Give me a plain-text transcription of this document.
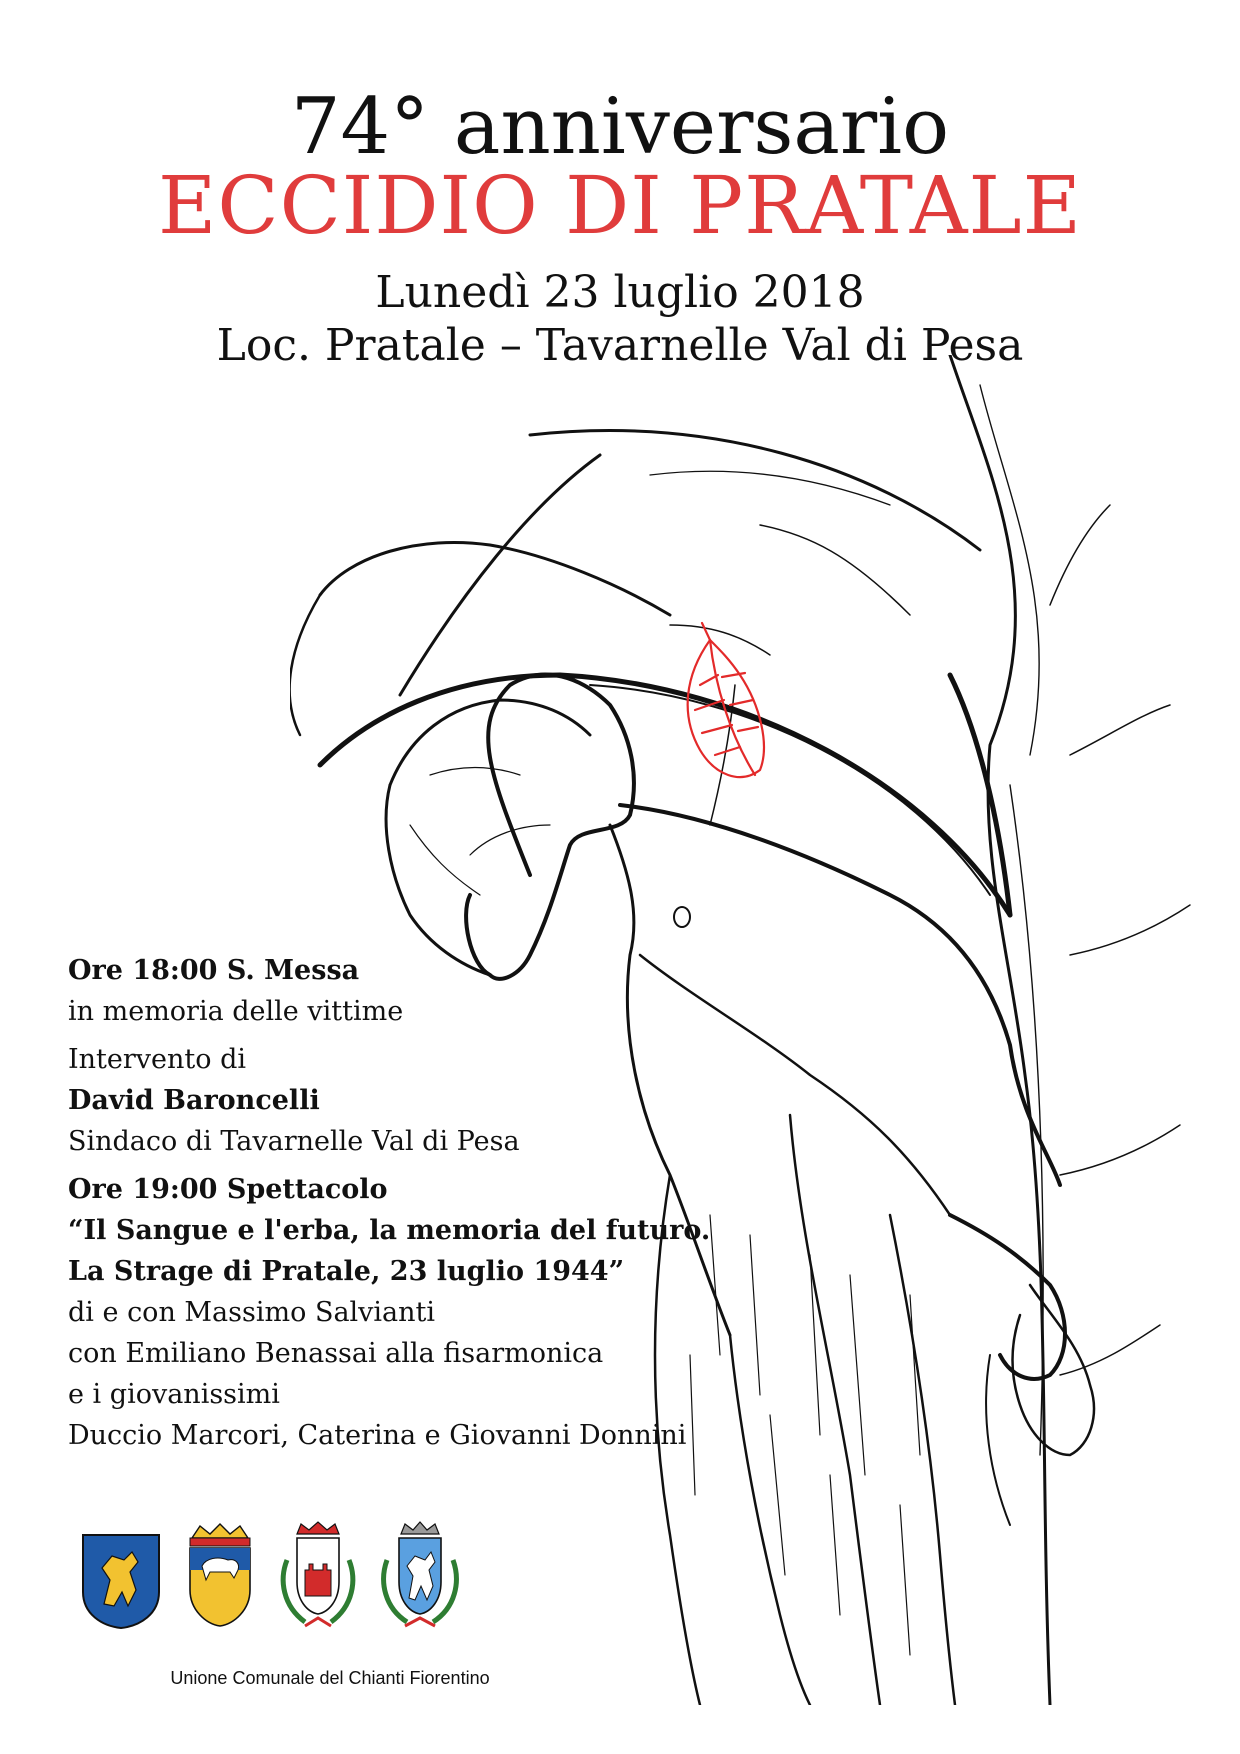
74° anniversario
ECCIDIO DI PRATALE
Lunedì 23 luglio 2018
Loc. Pratale – Tavarnelle Val di Pesa
Ore 18:00 S. Messa
in memoria delle vittime
Intervento di
David Baroncelli
Sindaco di Tavarnelle Val di Pesa
Ore 19:00 Spettacolo
“Il Sangue e l'erba, la memoria del futuro.
La Strage di Pratale, 23 luglio 1944”
di e con Massimo Salvianti
con Emiliano Benassai alla fisarmonica
e i giovanissimi
Duccio Marcori, Caterina e Giovanni Donnini
Unione Comunale del Chianti Fiorentino
